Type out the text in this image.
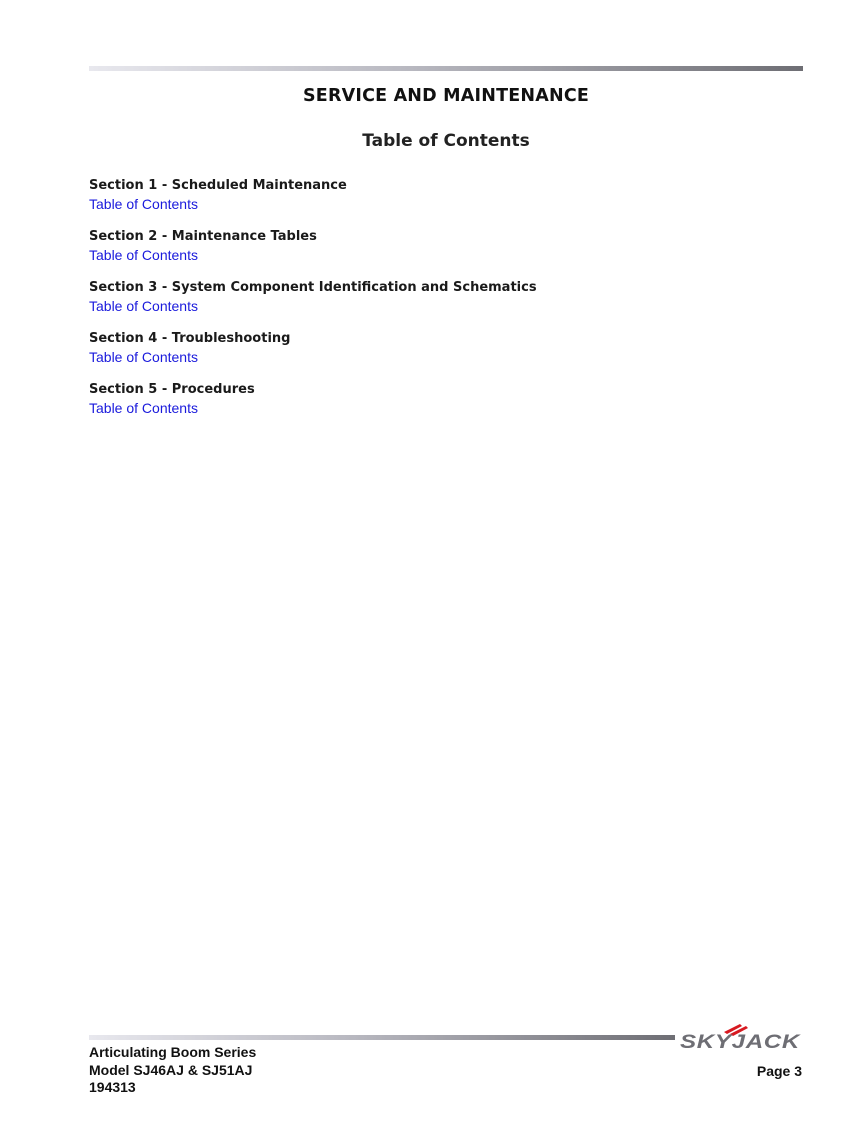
SERVICE AND MAINTENANCE
Table of Contents
Section 1 - Scheduled Maintenance
Table of Contents
Section 2 - Maintenance Tables
Table of Contents
Section 3 - System Component Identification and Schematics
Table of Contents
Section 4 - Troubleshooting
Table of Contents
Section 5 - Procedures
Table of Contents
SKYJACK
Articulating Boom Series
Model SJ46AJ & SJ51AJ
194313
Page 3
